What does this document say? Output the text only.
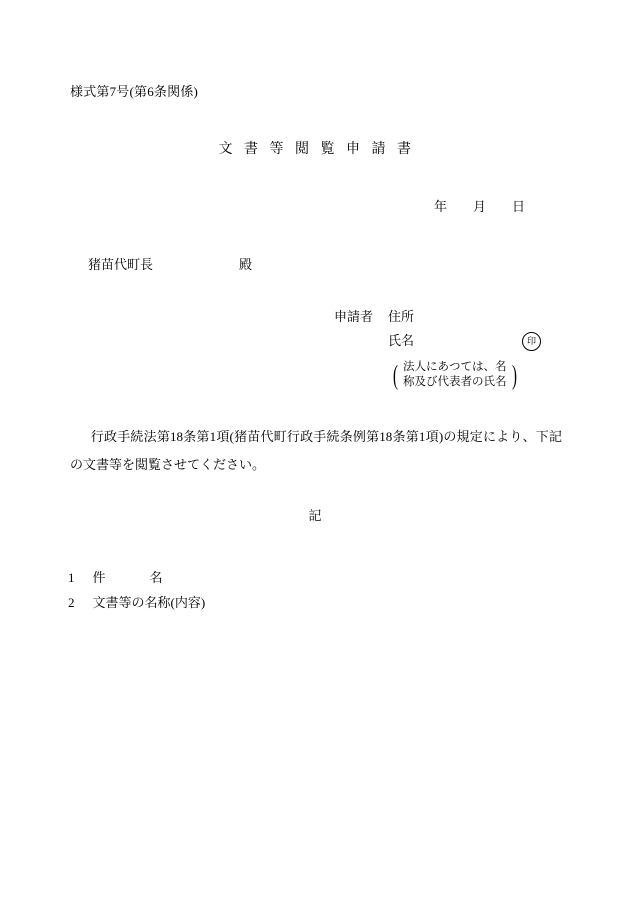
様式第7号(第6条関係)
文 書 等 閲 覧 申 請 書
年 月 日
猪苗代町長	殿
申請者 住所
氏名	印
( 法人にあつては、名
称及び代表者の氏名 )
行政手続法第18条第1項(猪苗代町行政手続条例第18条第1項)の規定により、下記の文書等を閲覧させてください。
記
1 件	名
2 文書等の名称(内容)
